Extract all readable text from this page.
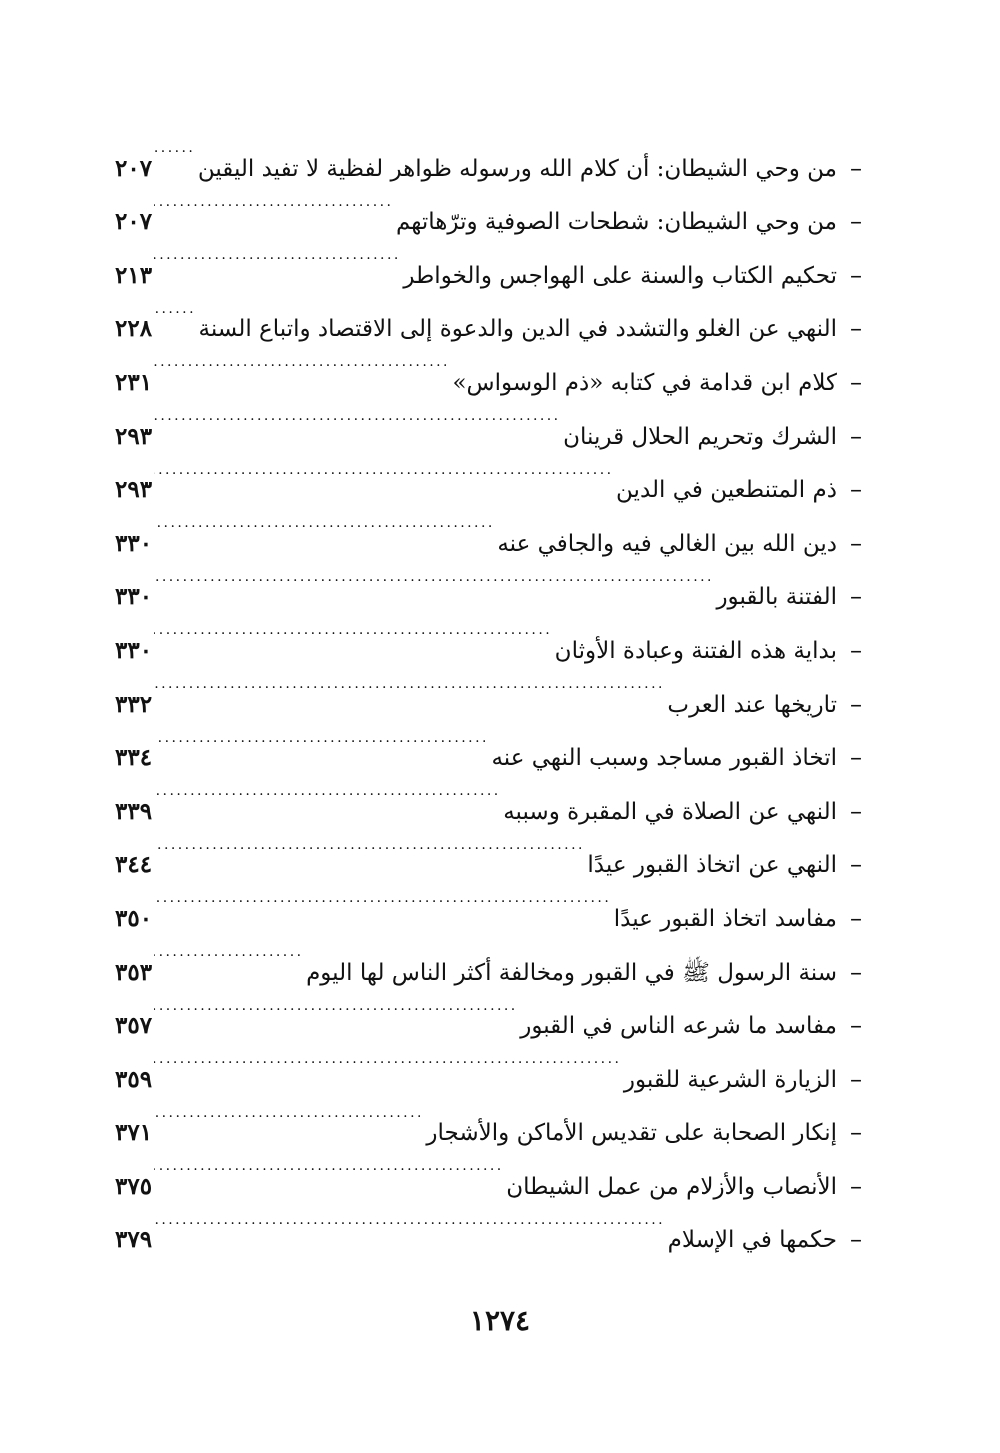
–
من وحي الشيطان: أن كلام الله ورسوله ظواهر لفظية لا تفيد اليقين
. . .
٢٠٧
–
من وحي الشيطان: شطحات الصوفية وترّهاتهم
. . .
٢٠٧
–
تحكيم الكتاب والسنة على الهواجس والخواطر
. . .
٢١٣
–
النهي عن الغلو والتشدد في الدين والدعوة إلى الاقتصاد واتباع السنة
. . .
٢٢٨
–
كلام ابن قدامة في كتابه «ذم الوسواس»
. . .
٢٣١
–
الشرك وتحريم الحلال قرينان
. . .
٢٩٣
–
ذم المتنطعين في الدين
. . .
٢٩٣
–
دين الله بين الغالي فيه والجافي عنه
. . .
٣٣٠
–
الفتنة بالقبور
. . .
٣٣٠
–
بداية هذه الفتنة وعبادة الأوثان
. . .
٣٣٠
–
تاريخها عند العرب
. . .
٣٣٢
–
اتخاذ القبور مساجد وسبب النهي عنه
. . .
٣٣٤
–
النهي عن الصلاة في المقبرة وسببه
. . .
٣٣٩
–
النهي عن اتخاذ القبور عيدًا
. . .
٣٤٤
–
مفاسد اتخاذ القبور عيدًا
. . .
٣٥٠
–
سنة الرسول ﷺ في القبور ومخالفة أكثر الناس لها اليوم
. . .
٣٥٣
–
مفاسد ما شرعه الناس في القبور
. . .
٣٥٧
–
الزيارة الشرعية للقبور
. . .
٣٥٩
–
إنكار الصحابة على تقديس الأماكن والأشجار
. . .
٣٧١
–
الأنصاب والأزلام من عمل الشيطان
. . .
٣٧٥
–
حكمها في الإسلام
. . .
٣٧٩
١٢٧٤
